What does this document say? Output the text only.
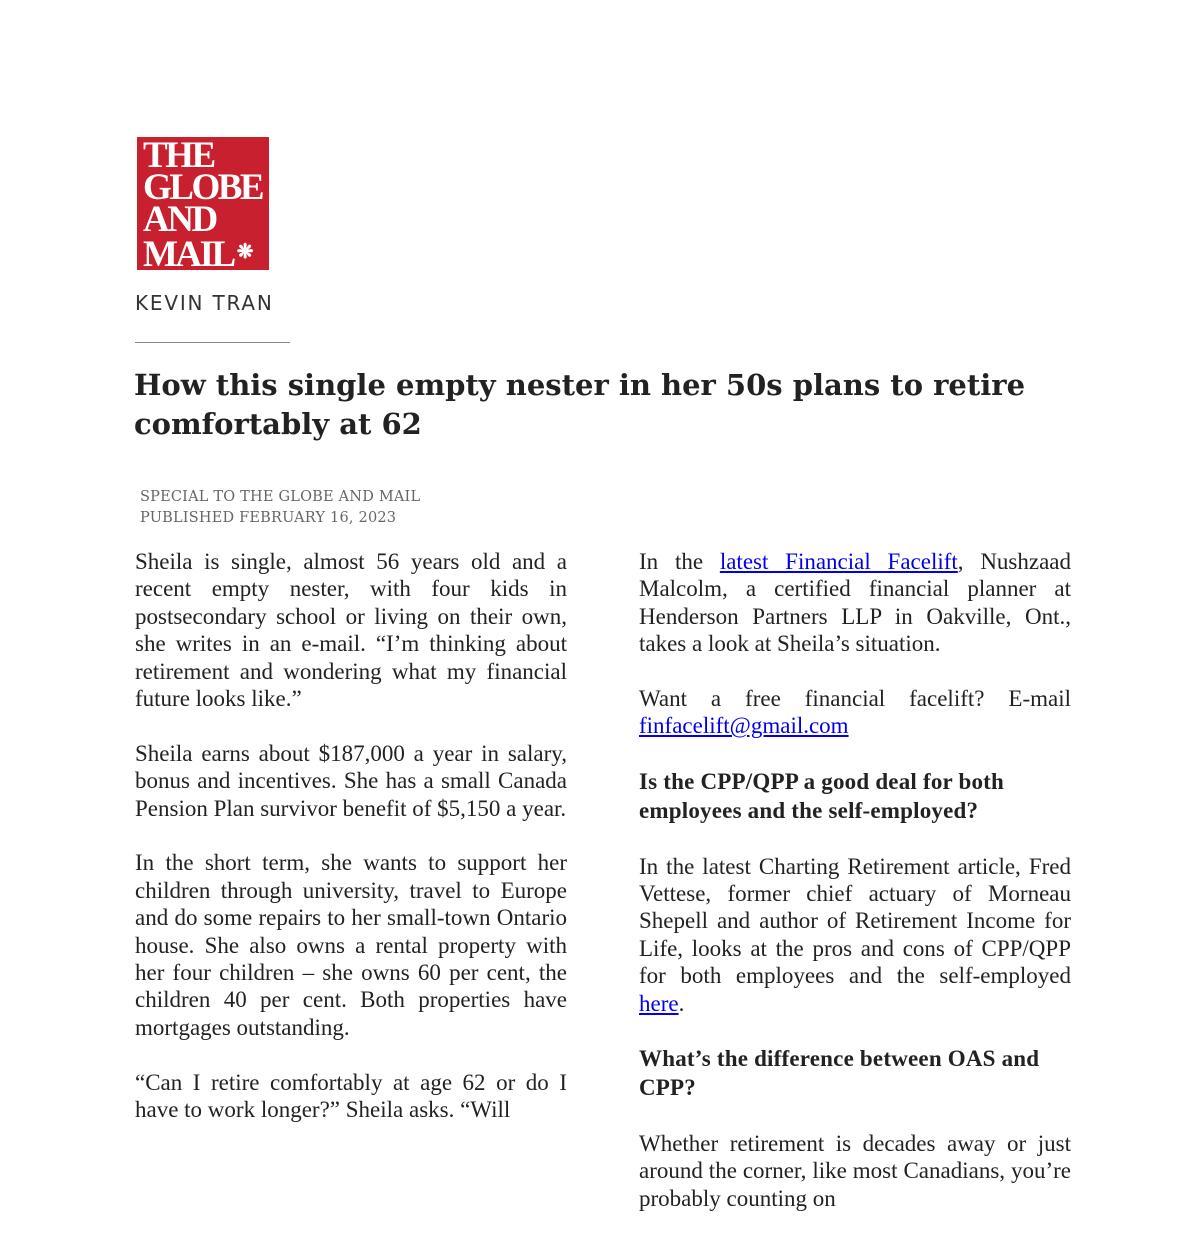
THE
GLOBE
AND
MAIL ❋
KEVIN TRAN
How this single empty nester in her 50s plans to retire comfortably at 62
SPECIAL TO THE GLOBE AND MAIL
PUBLISHED FEBRUARY 16, 2023

Sheila is single, almost 56 years old and a recent empty nester, with four kids in postsecondary school or living on their own, she writes in an e-mail. “I’m thinking about retirement and wondering what my financial future looks like.”

Sheila earns about $187,000 a year in salary, bonus and incentives. She has a small Canada Pension Plan survivor benefit of $5,150 a year.

In the short term, she wants to support her children through university, travel to Europe and do some repairs to her small-town Ontario house. She also owns a rental property with her four children – she owns 60 per cent, the children 40 per cent. Both properties have mortgages outstanding.

“Can I retire comfortably at age 62 or do I have to work longer?” Sheila asks. “Will

In the latest Financial Facelift, Nushzaad Malcolm, a certified financial planner at Henderson Partners LLP in Oakville, Ont., takes a look at Sheila’s situation.

Want a free financial facelift? E-mail finfacelift@gmail.com

Is the CPP/QPP a good deal for both employees and the self-employed?

In the latest Charting Retirement article, Fred Vettese, former chief actuary of Morneau Shepell and author of Retirement Income for Life, looks at the pros and cons of CPP/QPP for both employees and the self-employed here.

What’s the difference between OAS and CPP?

Whether retirement is decades away or just around the corner, like most Canadians, you’re probably counting on
